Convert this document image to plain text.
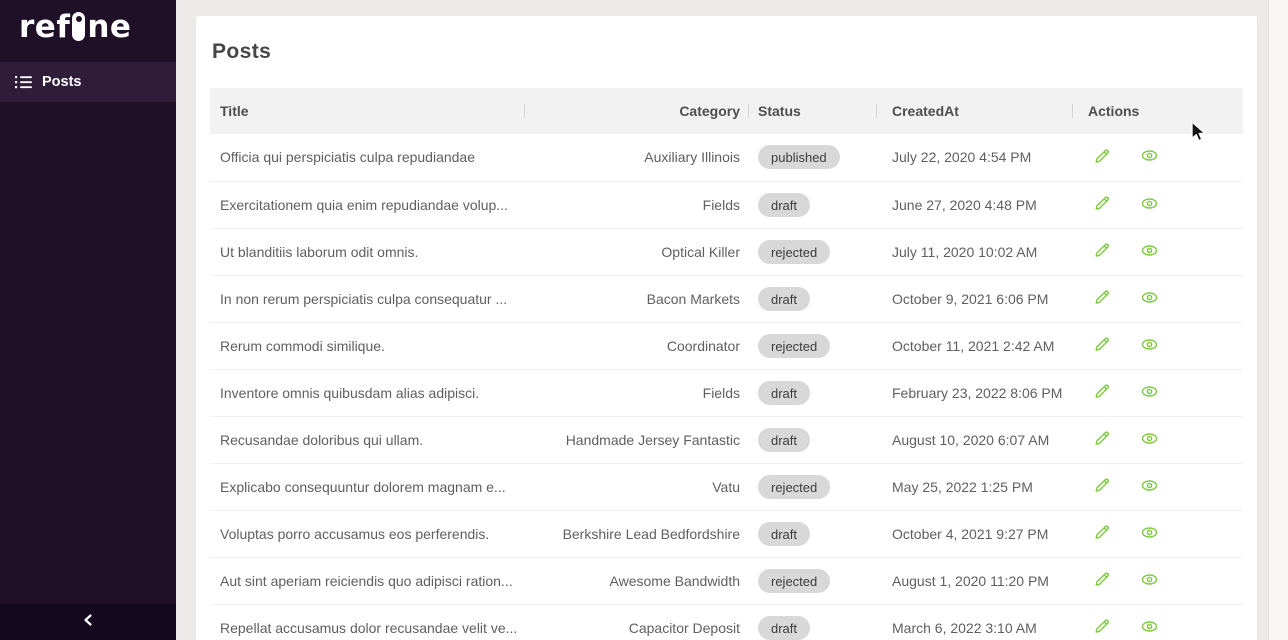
ref ne
Posts
Posts
Title	Category	Status	CreatedAt	Actions
Officia qui perspiciatis culpa repudiandae	Auxiliary Illinois	published	July 22, 2020 4:54 PM	

Exercitationem quia enim repudiandae volup...	Fields	draft	June 27, 2020 4:48 PM	

Ut blanditiis laborum odit omnis.	Optical Killer	rejected	July 11, 2020 10:02 AM	

In non rerum perspiciatis culpa consequatur ...	Bacon Markets	draft	October 9, 2021 6:06 PM	

Rerum commodi similique.	Coordinator	rejected	October 11, 2021 2:42 AM	

Inventore omnis quibusdam alias adipisci.	Fields	draft	February 23, 2022 8:06 PM	

Recusandae doloribus qui ullam.	Handmade Jersey Fantastic	draft	August 10, 2020 6:07 AM	

Explicabo consequuntur dolorem magnam e...	Vatu	rejected	May 25, 2022 1:25 PM	

Voluptas porro accusamus eos perferendis.	Berkshire Lead Bedfordshire	draft	October 4, 2021 9:27 PM	

Aut sint aperiam reiciendis quo adipisci ration...	Awesome Bandwidth	rejected	August 1, 2020 11:20 PM	

Repellat accusamus dolor recusandae velit ve...	Capacitor Deposit	draft	March 6, 2022 3:10 AM	
